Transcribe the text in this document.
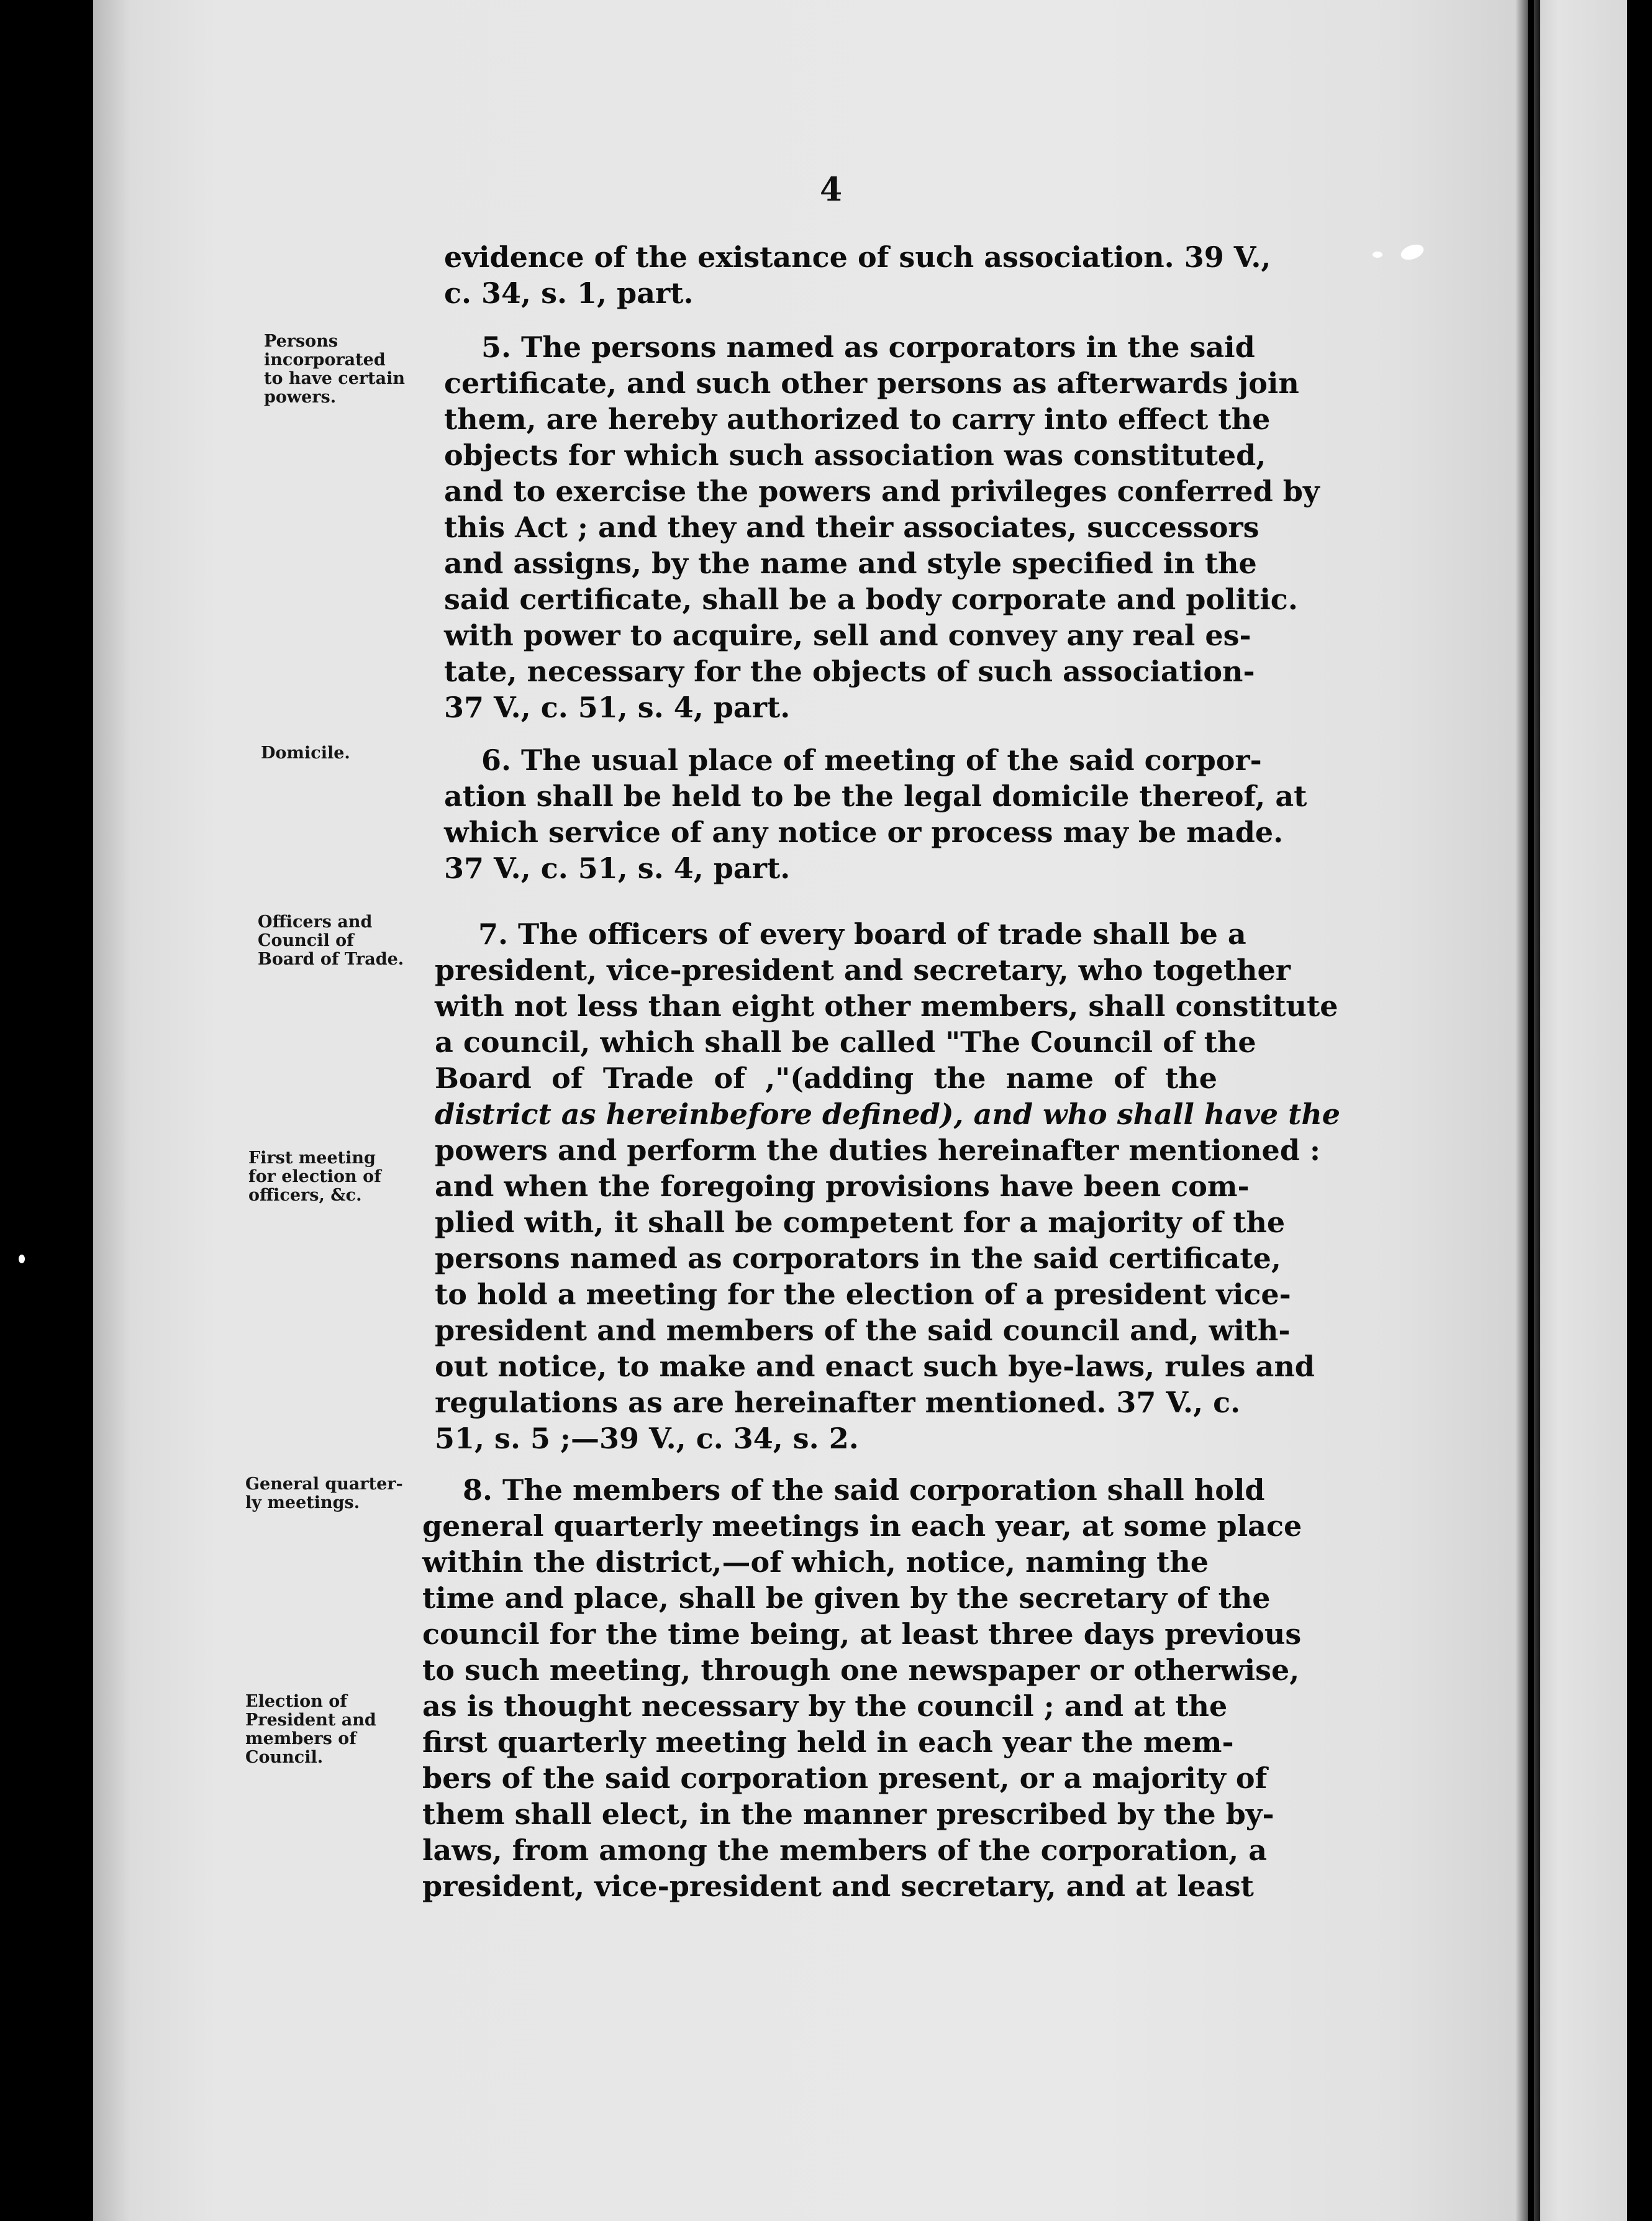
4
evidence of the existance of such association. 39 V.,
c. 34, s. 1, part.
Persons
incorporated
to have certain
powers.
5. The persons named as corporators in the said
certificate, and such other persons as afterwards join
them, are hereby authorized to carry into effect the
objects for which such association was constituted,
and to exercise the powers and privileges conferred by
this Act ; and they and their associates, successors
and assigns, by the name and style specified in the
said certificate, shall be a body corporate and politic.
with power to acquire, sell and convey any real es-
tate, necessary for the objects of such association-
37 V., c. 51, s. 4, part.
Domicile.	6. The usual place of meeting of the said corpor-
ation shall be held to be the legal domicile thereof, at
which service of any notice or process may be made.
37 V., c. 51, s. 4, part.
Officers and
Council of
Board of Trade.
First meeting
for election of
officers, &c.
7. The officers of every board of trade shall be a
president, vice-president and secretary, who together
with not less than eight other members, shall constitute
a council, which shall be called "The Council of the
Board of Trade of ,"(adding the name of the
district as hereinbefore defined), and who shall have the
powers and perform the duties hereinafter mentioned :
and when the foregoing provisions have been com-
plied with, it shall be competent for a majority of the
persons named as corporators in the said certificate,
to hold a meeting for the election of a president vice-
president and members of the said council and, with-
out notice, to make and enact such bye-laws, rules and
regulations as are hereinafter mentioned. 37 V., c.
51, s. 5 ;—39 V., c. 34, s. 2.
General quarter-
ly meetings.
Election of
President and
members of
Council.
8. The members of the said corporation shall hold
general quarterly meetings in each year, at some place
within the district,—of which, notice, naming the
time and place, shall be given by the secretary of the
council for the time being, at least three days previous
to such meeting, through one newspaper or otherwise,
as is thought necessary by the council ; and at the
first quarterly meeting held in each year the mem-
bers of the said corporation present, or a majority of
them shall elect, in the manner prescribed by the by-
laws, from among the members of the corporation, a
president, vice-president and secretary, and at least
